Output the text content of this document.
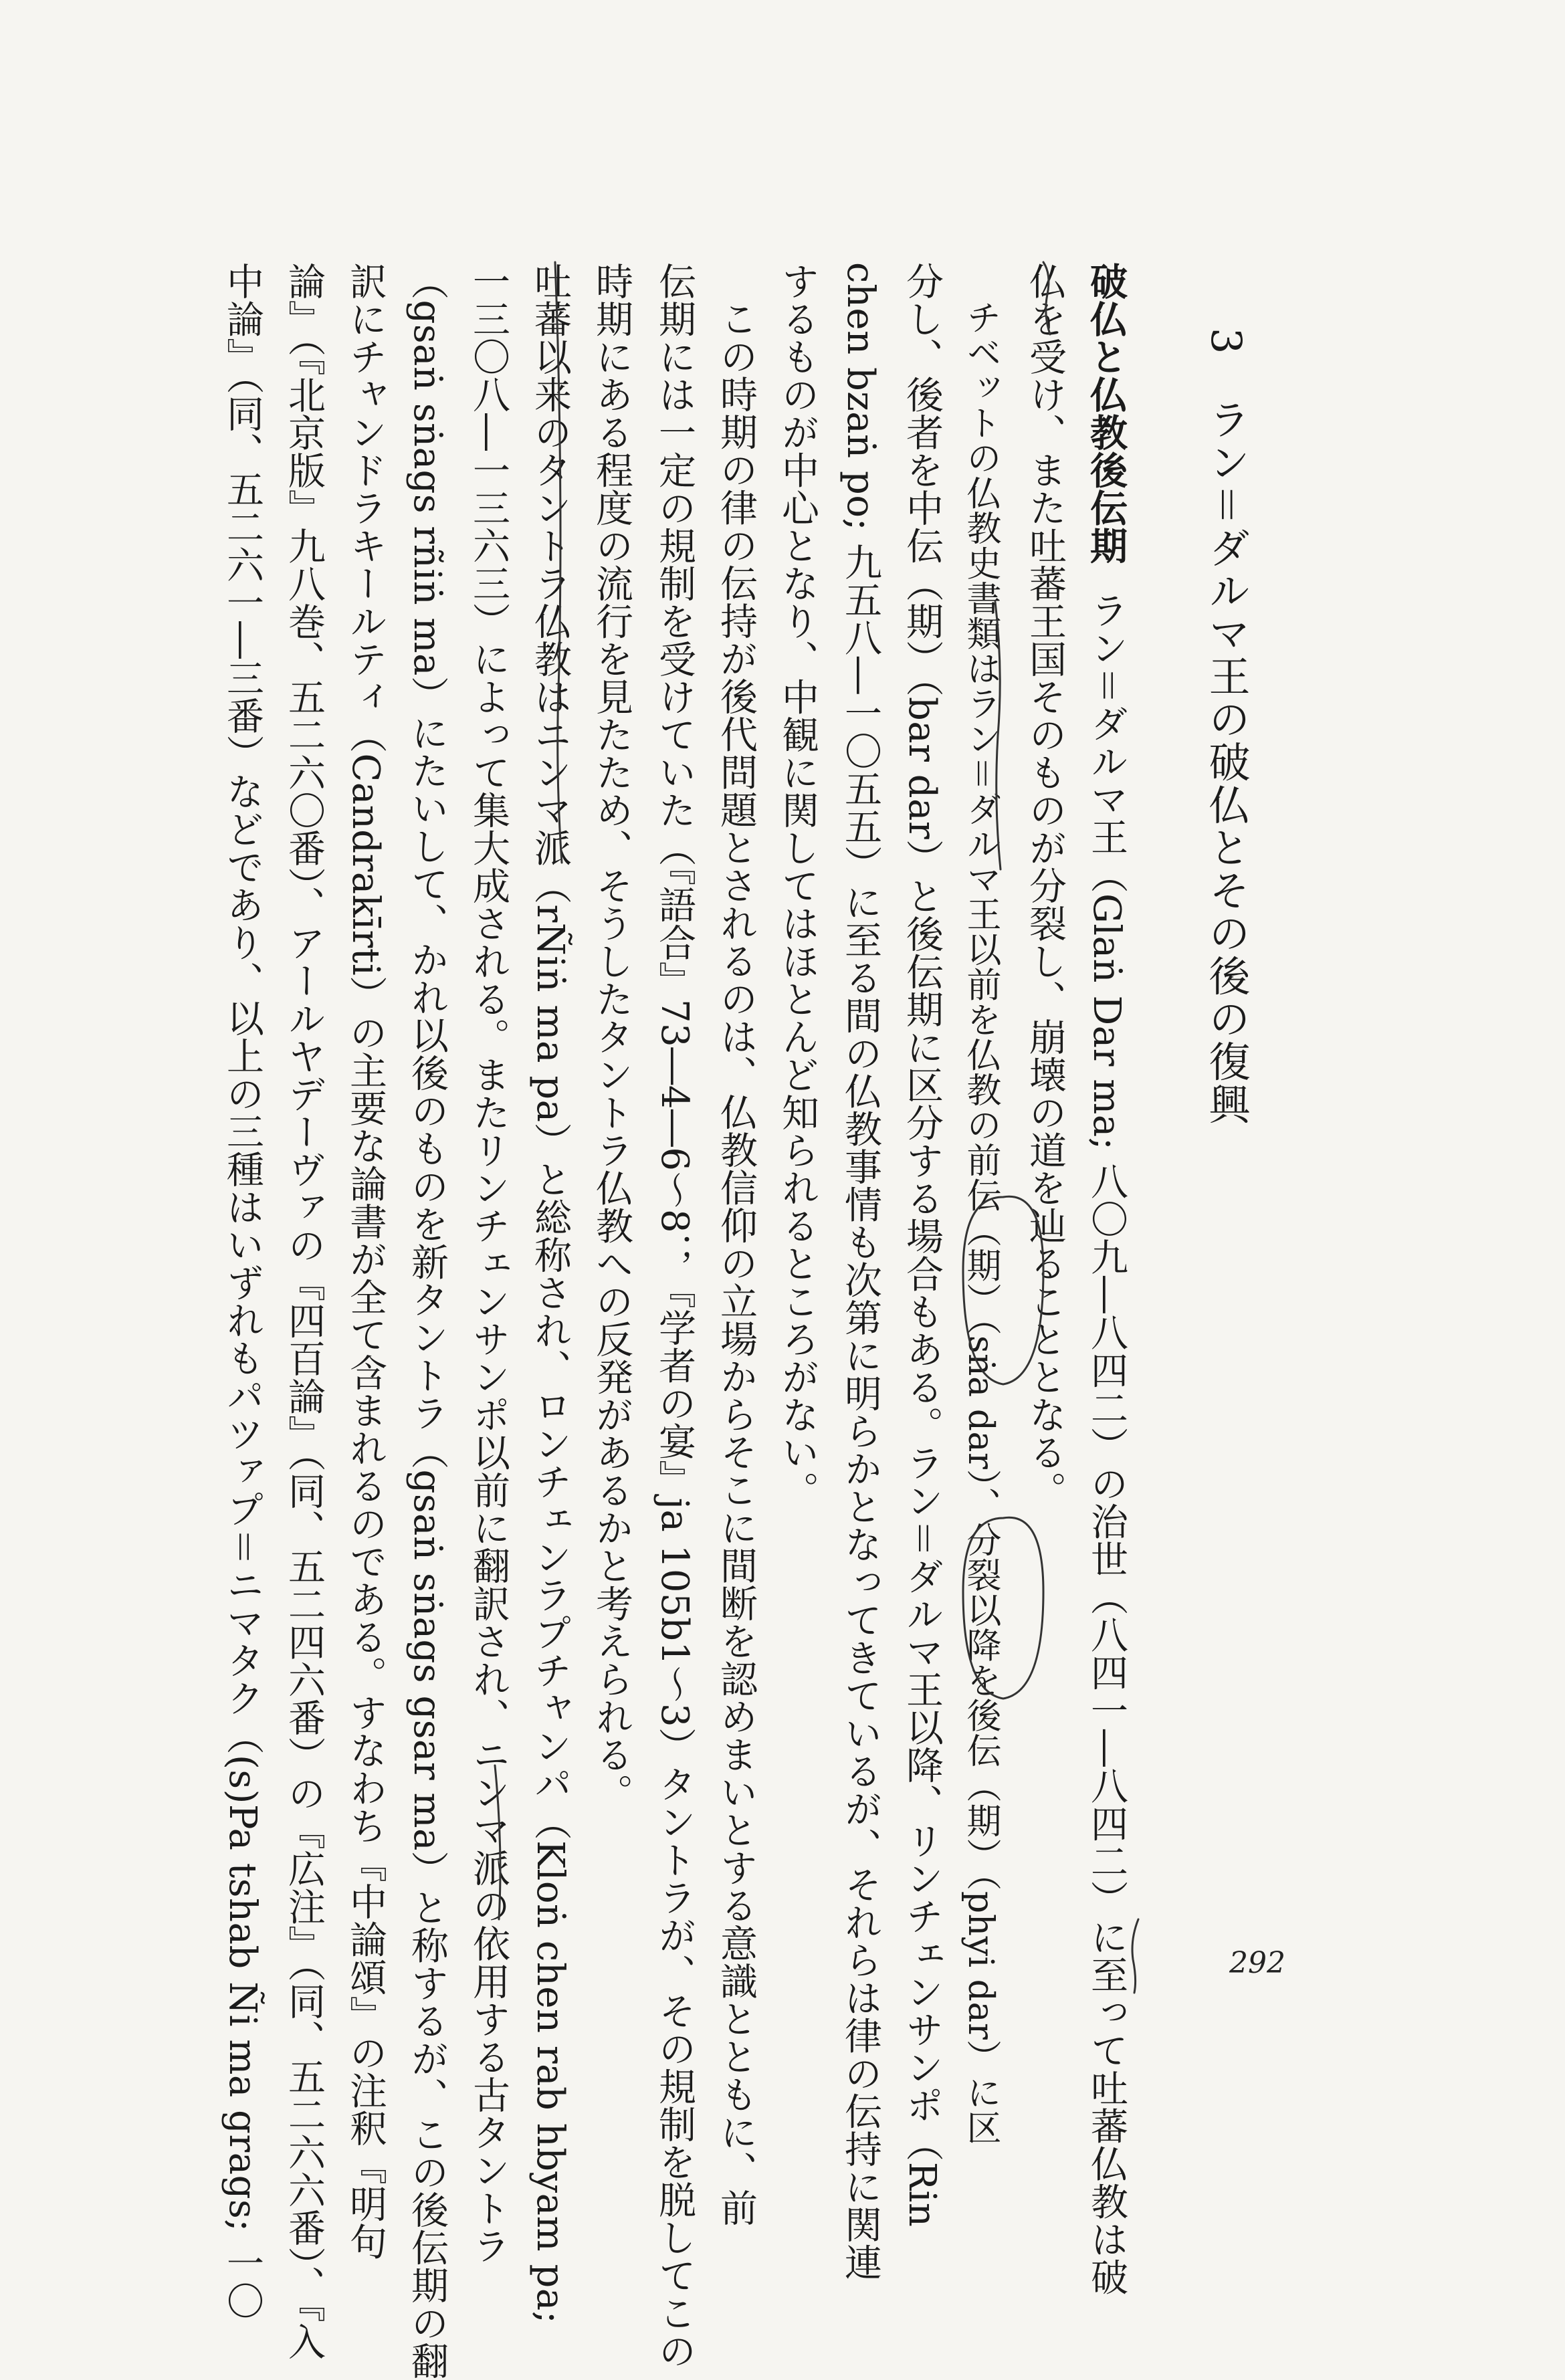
3　ラン＝ダルマ王の破仏とその後の復興
破仏と仏教後伝期ラン＝ダルマ王（Glaṅ Dar ma; 八〇九―八四二）の治世（八四一―八四二）に至って吐蕃仏教は破
仏を受け、また吐蕃王国そのものが分裂し、崩壊の道を辿ることとなる。
チベットの仏教史書類はラン＝ダルマ王以前を仏教の前伝（期）（sṅa dar）、分裂以降を後伝（期）（phyi dar）に区
分し、後者を中伝（期）（bar dar）と後伝期に区分する場合もある。ラン＝ダルマ王以降、リンチェンサンポ（Rin
chen bzaṅ po; 九五八―一〇五五）に至る間の仏教事情も次第に明らかとなってきているが、それらは律の伝持に関連
するものが中心となり、中観に関してはほとんど知られるところがない。
この時期の律の伝持が後代問題とされるのは、仏教信仰の立場からそこに間断を認めまいとする意識とともに、前
伝期には一定の規制を受けていた（『語合』73―4―6〜8；『学者の宴』ja 105b1〜3）タントラが、その規制を脱してこの
時期にある程度の流行を見たため、そうしたタントラ仏教への反発があるかと考えられる。
吐蕃以来のタントラ仏教はニンマ派（rÑiṅ ma pa）と総称され、ロンチェンラプチャンパ（Kloṅ chen rab hbyam pa;
一三〇八―一三六三）によって集大成される。またリンチェンサンポ以前に翻訳され、ニンマ派の依用する古タントラ
（gsaṅ sṅags rñiṅ ma）にたいして、かれ以後のものを新タントラ（gsaṅ sṅags gsar ma）と称するが、この後伝期の翻
訳にチャンドラキールティ（Candrakīrti）の主要な論書が全て含まれるのである。すなわち『中論頌』の注釈『明句
論』（『北京版』九八巻、五二六〇番）、アールヤデーヴァの『四百論』（同、五二四六番）の『広注』（同、五二六六番）、『入
中論』（同、五二六一―三番）などであり、以上の三種はいずれもパツァプ＝ニマタク（(s)Pa tshab Ñi ma grags; 一〇	292
